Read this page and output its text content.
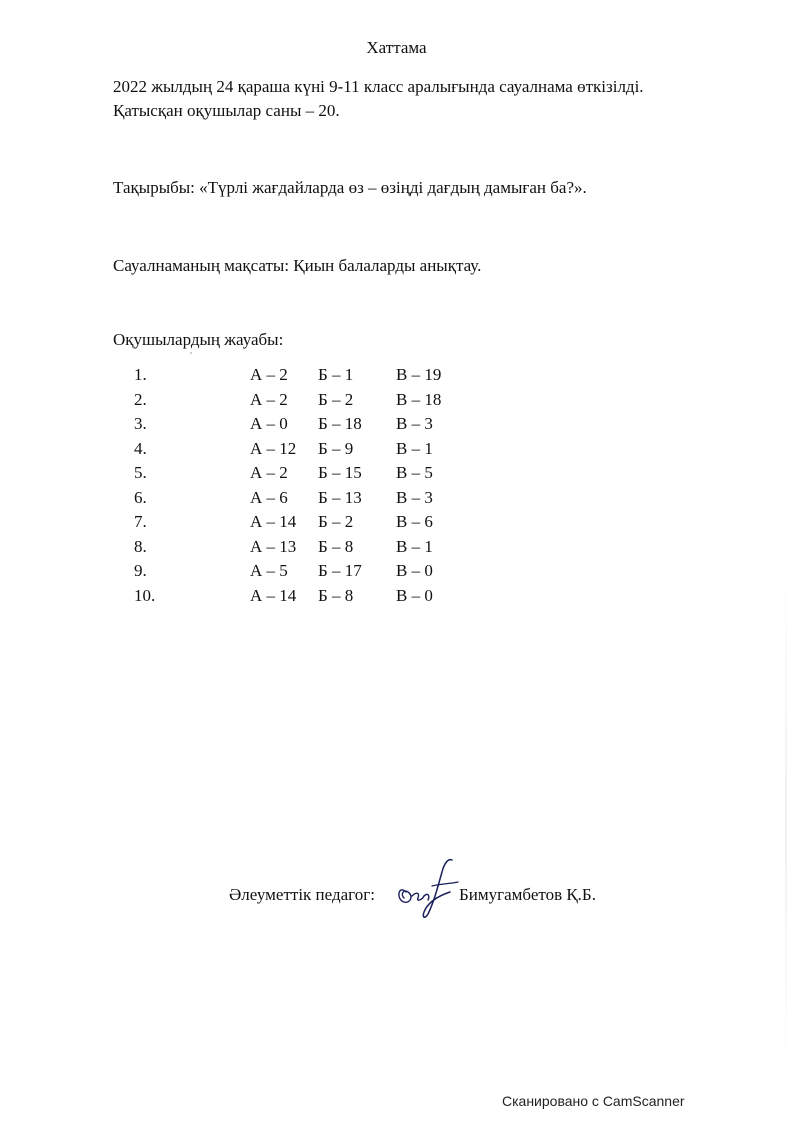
Хаттама
2022 жылдың 24 қараша күні 9-11 класс аралығында сауалнама өткізілді.
Қатысқан оқушылар саны – 20.
Тақырыбы: «Түрлі жағдайларда өз – өзіңді дағдың дамыған ба?».
Сауалнаманың мақсаты: Қиын балаларды анықтау.
Оқушылардың жауабы:
1.	А – 2 Б – 1	В – 19
2.	А – 2 Б – 2	В – 18
3.	А – 0 Б – 18 В – 3
4.	А – 12 Б – 9	В – 1
5.	А – 2 Б – 15 В – 5
6.	А – 6 Б – 13 В – 3
7.	А – 14 Б – 2	В – 6
8.	А – 13 Б – 8	В – 1
9.	А – 5 Б – 17 В – 0
10.	А – 14 Б – 8	В – 0
Әлеуметтік педагог:	Бимугамбетов Қ.Б.
Сканировано с CamScanner
